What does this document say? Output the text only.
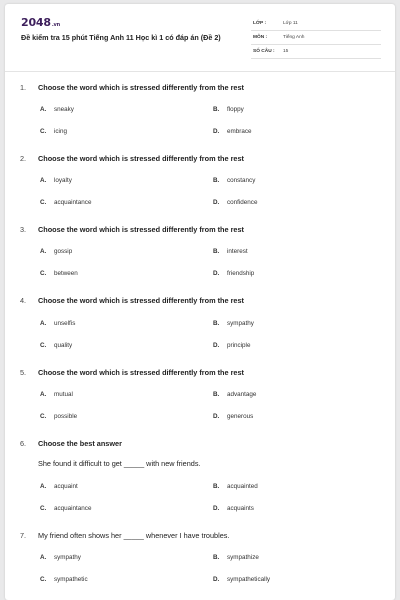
2048.vn
Đề kiểm tra 15 phút Tiếng Anh 11 Học kì 1 có đáp án (Đề 2)
LỚP :	Lớp 11
MÔN :	Tiếng Anh
SỐ CÂU : 15
1. Choose the word which is stressed differently from the rest
A. sneaky	B. floppy
C. icing	D. embrace
2. Choose the word which is stressed differently from the rest
A. loyalty	B. constancy
C. acquaintance	D. confidence
3. Choose the word which is stressed differently from the rest
A. gossip	B. interest
C. between	D. friendship
4. Choose the word which is stressed differently from the rest
A. unselfis	B. sympathy
C. quality	D. principle
5. Choose the word which is stressed differently from the rest
A. mutual	B. advantage
C. possible	D. generous
6. Choose the best answer
She found it difficult to get _____ with new friends.
A. acquaint	B. acquainted
C. acquaintance	D. acquaints
7. My friend often shows her _____ whenever I have troubles.
A. sympathy	B. sympathize
C. sympathetic	D. sympathetically
